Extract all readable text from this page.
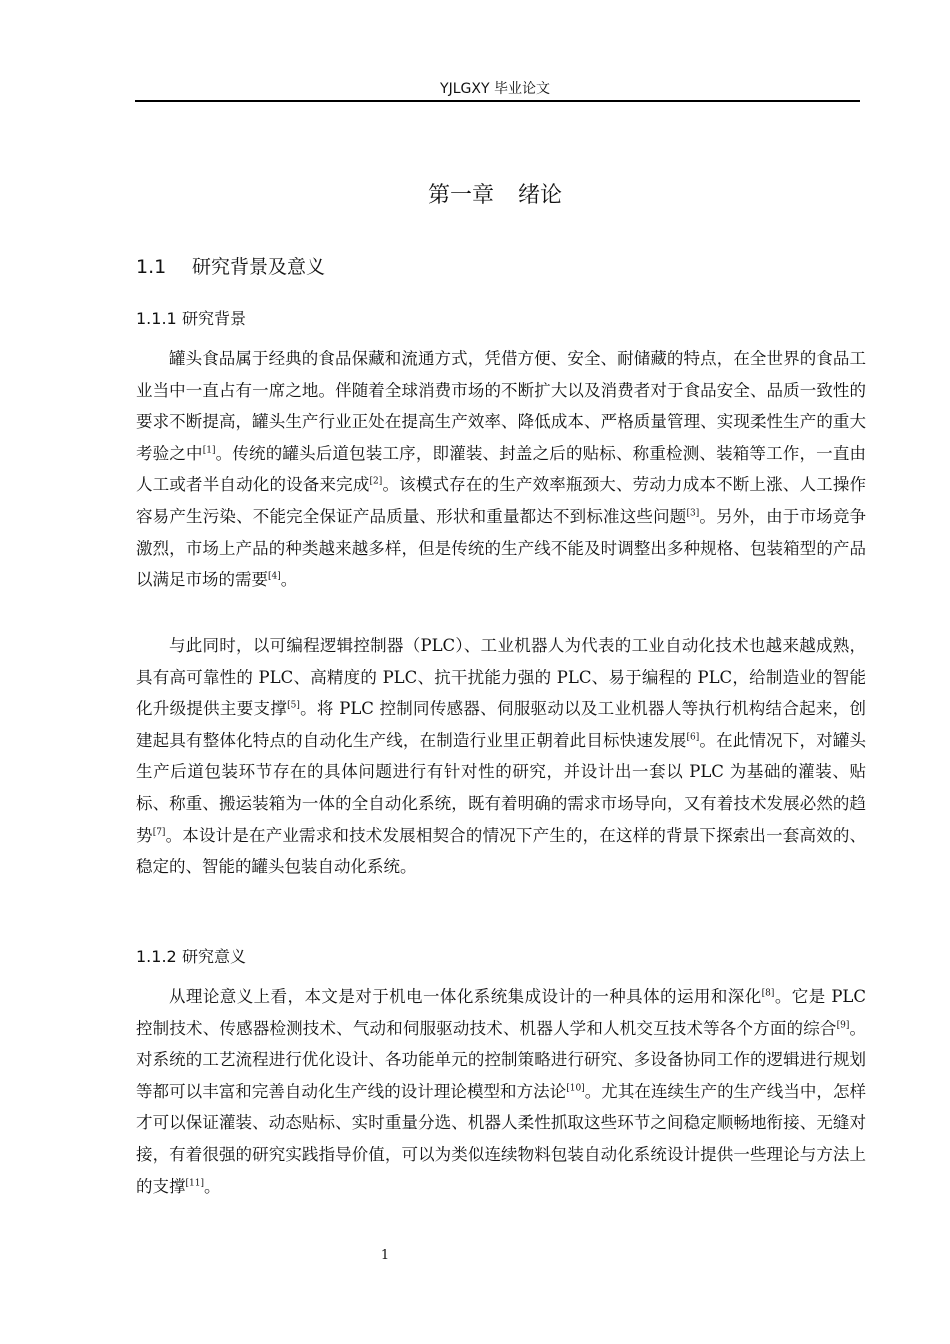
YJLGXY 毕业论文
第一章 绪论
1.1 研究背景及意义
1.1.1 研究背景

罐头食品属于经典的食品保藏和流通方式，凭借方便、安全、耐储藏的特点，在全世界的食品工业当中一直占有一席之地。伴随着全球消费市场的不断扩大以及消费者对于食品安全、品质一致性的要求不断提高，罐头生产行业正处在提高生产效率、降低成本、严格质量管理、实现柔性生产的重大考验之中[1]。传统的罐头后道包装工序，即灌装、封盖之后的贴标、称重检测、装箱等工作，一直由人工或者半自动化的设备来完成[2]。该模式存在的生产效率瓶颈大、劳动力成本不断上涨、人工操作容易产生污染、不能完全保证产品质量、形状和重量都达不到标准这些问题[3]。另外，由于市场竞争激烈，市场上产品的种类越来越多样，但是传统的生产线不能及时调整出多种规格、包装箱型的产品以满足市场的需要[4]。

与此同时，以可编程逻辑控制器（PLC）、工业机器人为代表的工业自动化技术也越来越成熟，具有高可靠性的 PLC、高精度的 PLC、抗干扰能力强的 PLC、易于编程的 PLC，给制造业的智能化升级提供主要支撑[5]。将 PLC 控制同传感器、伺服驱动以及工业机器人等执行机构结合起来，创建起具有整体化特点的自动化生产线，在制造行业里正朝着此目标快速发展[6]。在此情况下，对罐头生产后道包装环节存在的具体问题进行有针对性的研究，并设计出一套以 PLC 为基础的灌装、贴标、称重、搬运装箱为一体的全自动化系统，既有着明确的需求市场导向，又有着技术发展必然的趋势[7]。本设计是在产业需求和技术发展相契合的情况下产生的，在这样的背景下探索出一套高效的、稳定的、智能的罐头包装自动化系统。

1.1.2 研究意义

从理论意义上看，本文是对于机电一体化系统集成设计的一种具体的运用和深化[8]。它是 PLC 控制技术、传感器检测技术、气动和伺服驱动技术、机器人学和人机交互技术等各个方面的综合[9]。对系统的工艺流程进行优化设计、各功能单元的控制策略进行研究、多设备协同工作的逻辑进行规划等都可以丰富和完善自动化生产线的设计理论模型和方法论[10]。尤其在连续生产的生产线当中，怎样才可以保证灌装、动态贴标、实时重量分选、机器人柔性抓取这些环节之间稳定顺畅地衔接、无缝对接，有着很强的研究实践指导价值，可以为类似连续物料包装自动化系统设计提供一些理论与方法上的支撑[11]。

1
